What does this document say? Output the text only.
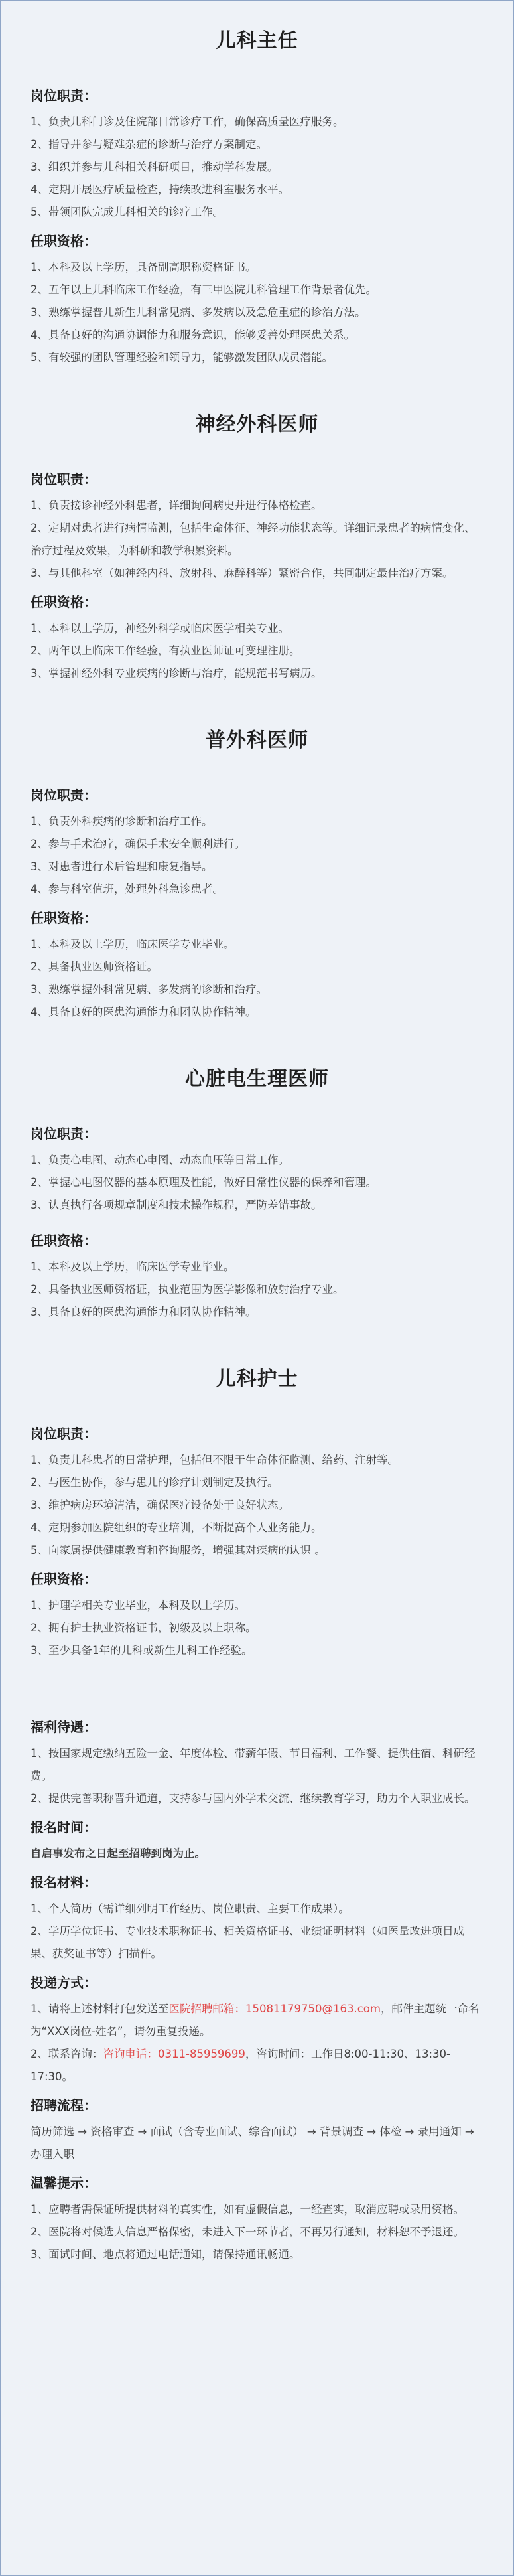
儿科主任
岗位职责：
1、负责儿科门诊及住院部日常诊疗工作，确保高质量医疗服务。
2、指导并参与疑难杂症的诊断与治疗方案制定。
3、组织并参与儿科相关科研项目，推动学科发展。
4、定期开展医疗质量检查，持续改进科室服务水平。
5、带领团队完成儿科相关的诊疗工作。
任职资格：
1、本科及以上学历，具备副高职称资格证书。
2、五年以上儿科临床工作经验，有三甲医院儿科管理工作背景者优先。
3、熟练掌握普儿新生儿科常见病、多发病以及急危重症的诊治方法。
4、具备良好的沟通协调能力和服务意识，能够妥善处理医患关系。
5、有较强的团队管理经验和领导力，能够激发团队成员潜能。
神经外科医师
岗位职责：
1、负责接诊神经外科患者，详细询问病史并进行体格检查。
2、定期对患者进行病情监测，包括生命体征、神经功能状态等。详细记录患者的病情变化、治疗过程及效果，为科研和教学积累资料。
3、与其他科室（如神经内科、放射科、麻醉科等）紧密合作，共同制定最佳治疗方案。
任职资格：
1、本科以上学历，神经外科学或临床医学相关专业。
2、两年以上临床工作经验，有执业医师证可变理注册。
3、掌握神经外科专业疾病的诊断与治疗，能规范书写病历。
普外科医师
岗位职责：
1、负责外科疾病的诊断和治疗工作。
2、参与手术治疗，确保手术安全顺利进行。
3、对患者进行术后管理和康复指导。
4、参与科室值班，处理外科急诊患者。
任职资格：
1、本科及以上学历，临床医学专业毕业。
2、具备执业医师资格证。
3、熟练掌握外科常见病、多发病的诊断和治疗。
4、具备良好的医患沟通能力和团队协作精神。
心脏电生理医师
岗位职责：
1、负责心电图、动态心电图、动态血压等日常工作。
2、掌握心电图仪器的基本原理及性能，做好日常性仪器的保养和管理。
3、认真执行各项规章制度和技术操作规程，严防差错事故。
任职资格：
1、本科及以上学历，临床医学专业毕业。
2、具备执业医师资格证，执业范围为医学影像和放射治疗专业。
3、具备良好的医患沟通能力和团队协作精神。
儿科护士
岗位职责：
1、负责儿科患者的日常护理，包括但不限于生命体征监测、给药、注射等。
2、与医生协作，参与患儿的诊疗计划制定及执行。
3、维护病房环境清洁，确保医疗设备处于良好状态。
4、定期参加医院组织的专业培训，不断提高个人业务能力。
5、向家属提供健康教育和咨询服务，增强其对疾病的认识 。
任职资格：
1、护理学相关专业毕业，本科及以上学历。
2、拥有护士执业资格证书，初级及以上职称。
3、至少具备1年的儿科或新生儿科工作经验。
福利待遇：
1、按国家规定缴纳五险一金、年度体检、带薪年假、节日福利、工作餐、提供住宿、科研经费。
2、提供完善职称晋升通道，支持参与国内外学术交流、继续教育学习，助力个人职业成长。
报名时间：
自启事发布之日起至招聘到岗为止。
报名材料：
1、个人简历（需详细列明工作经历、岗位职责、主要工作成果）。
2、学历学位证书、专业技术职称证书、相关资格证书、业绩证明材料（如医量改进项目成果、获奖证书等）扫描件。
投递方式：
1、请将上述材料打包发送至医院招聘邮箱：15081179750@163.com，邮件主题统一命名为“XXX岗位-姓名”，请勿重复投递。
2、联系咨询：咨询电话：0311-85959699，咨询时间：工作日8:00-11:30、13:30-17:30。
招聘流程：
简历筛选 → 资格审查 → 面试（含专业面试、综合面试） → 背景调查 → 体检 → 录用通知 → 办理入职
温馨提示：
1、应聘者需保证所提供材料的真实性，如有虚假信息，一经查实，取消应聘或录用资格。
2、医院将对候选人信息严格保密，未进入下一环节者，不再另行通知，材料恕不予退还。
3、面试时间、地点将通过电话通知，请保持通讯畅通。
